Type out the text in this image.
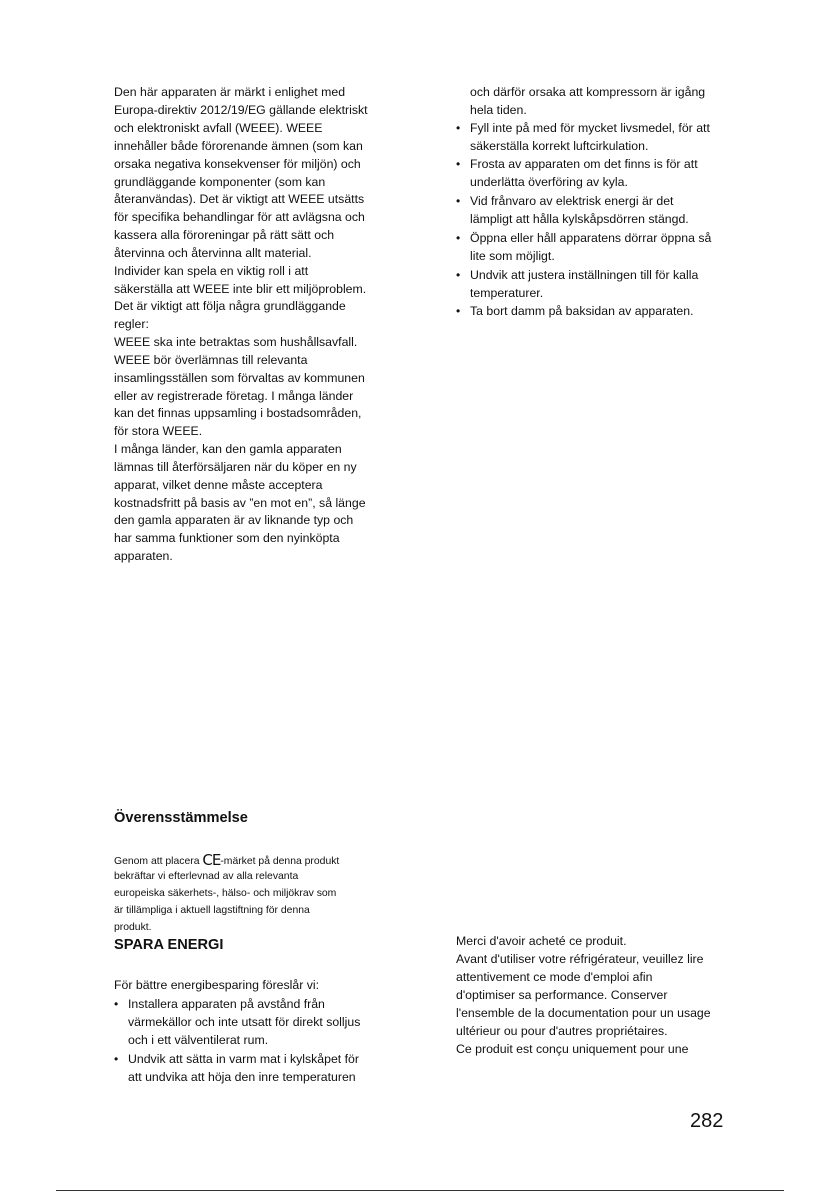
Den här apparaten är märkt i enlighet med
Europa-direktiv 2012/19/EG gällande elektriskt
och elektroniskt avfall (WEEE). WEEE
innehåller både förorenande ämnen (som kan
orsaka negativa konsekvenser för miljön) och
grundläggande komponenter (som kan
återanvändas). Det är viktigt att WEEE utsätts
för specifika behandlingar för att avlägsna och
kassera alla föroreningar på rätt sätt och
återvinna och återvinna allt material.
Individer kan spela en viktig roll i att
säkerställa att WEEE inte blir ett miljöproblem.
Det är viktigt att följa några grundläggande
regler:
WEEE ska inte betraktas som hushållsavfall.
WEEE bör överlämnas till relevanta
insamlingsställen som förvaltas av kommunen
eller av registrerade företag. I många länder
kan det finnas uppsamling i bostadsområden,
för stora WEEE.
I många länder, kan den gamla apparaten
lämnas till återförsäljaren när du köper en ny
apparat, vilket denne måste acceptera
kostnadsfritt på basis av ”en mot en”, så länge
den gamla apparaten är av liknande typ och
har samma funktioner som den nyinköpta
apparaten.
och därför orsaka att kompressorn är igång
hela tiden.
• Fyll inte på med för mycket livsmedel, för att
säkerställa korrekt luftcirkulation.
• Frosta av apparaten om det finns is för att
underlätta överföring av kyla.
• Vid frånvaro av elektrisk energi är det
lämpligt att hålla kylskåpsdörren stängd.
• Öppna eller håll apparatens dörrar öppna så
lite som möjligt.
• Undvik att justera inställningen till för kalla
temperaturer.
• Ta bort damm på baksidan av apparaten.
Överensstämmelse
Genom att placera CE-märket på denna produkt
bekräftar vi efterlevnad av alla relevanta
europeiska säkerhets-, hälso- och miljökrav som
är tillämpliga i aktuell lagstiftning för denna
produkt.
SPARA ENERGI
För bättre energibesparing föreslår vi:
• Installera apparaten på avstånd från
värmekällor och inte utsatt för direkt solljus
och i ett välventilerat rum.
• Undvik att sätta in varm mat i kylskåpet för
att undvika att höja den inre temperaturen
Merci d'avoir acheté ce produit.
Avant d'utiliser votre réfrigérateur, veuillez lire
attentivement ce mode d'emploi afin
d'optimiser sa performance. Conserver
l'ensemble de la documentation pour un usage
ultérieur ou pour d'autres propriétaires.
Ce produit est conçu uniquement pour une
282
